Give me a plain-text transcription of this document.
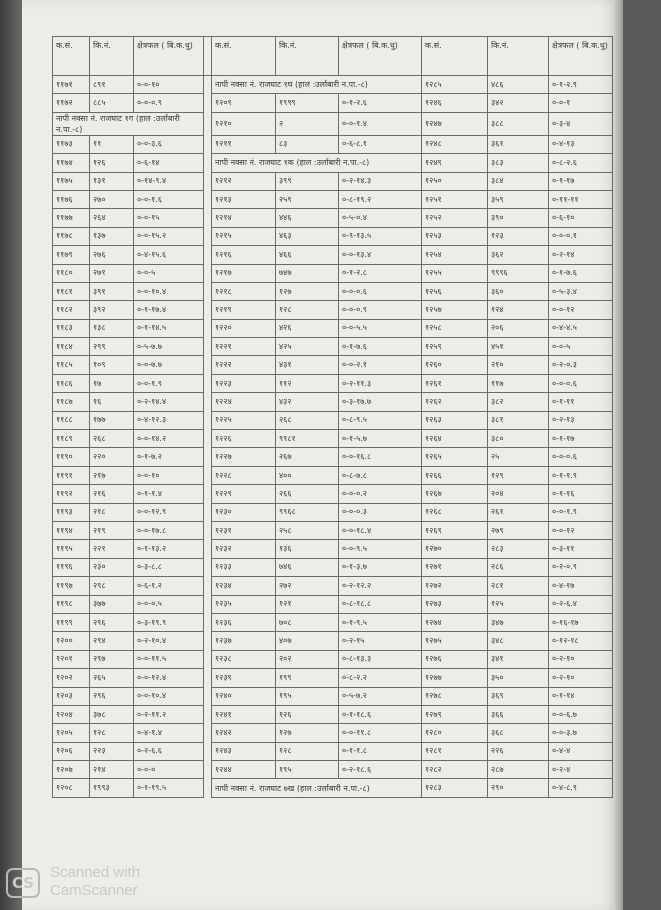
क.सं.	कि.नं.	क्षेत्रफल ( बि.क.धु)		क.सं.	कि.नं.	क्षेत्रफल ( बि.क.धु)	क.सं.	कि.नं.	क्षेत्रफल ( बि.क.धु)
११७१	८९१	०-०-१०		नापी नक्सा नं. राजघाट १घ (हाल :उर्लाबारी न.पा.-८)			१२८५	४८६	०-१-२.९
११७२	८८५	०-०-०.९		१२०९	१९९९	०-१-२.६	१२४६	३४२	०-०-१
नापी नक्सा नं. राजघाट १ग (हाल :उर्लाबारी न.पा.-८)				१२१०	२	०-०-१.४	१२४७	३८८	०-३-४
११७३	११	०-०-३.६		१२११	८३	०-६-८.१	१२४८	३६१	०-४-१३
११७४	१२६	०-६-१४		नापी नक्सा नं. राजघाट १क (हाल :उर्लाबारी न.पा.-८)			१२४९	३८३	०-८-२.६
११७५	१३१	०-१४-९.४		१२१२	३९९	०-२-१४.३	१२५०	३८४	०-१-१७
११७६	२७०	०-०-१.६		१२१३	२५९	०-८-१९.२	१२५१	३५९	०-११-११
११७७	२६४	०-०-१५		१२१४	४४६	०-५-०.४	१२५२	३९०	०-६-१०
११७८	१३७	०-०-१५.२		१२१५	४६३	०-९-१३.५	१२५३	१२३	०-०-०.१
११७९	२७६	०-४-१५.६		१२१६	४६६	०-०-१३.४	१२५४	३६२	०-२-१४
११८०	२७१	०-०-५		१२१७	७४७	०-१-२.८	१२५५	९९९६	०-१-७.६
११८१	३९१	०-०-१०.४		१२१८	१२७	०-०-०.६	१२५६	३६०	०-५-३.४
११८२	३९२	०-१-१७.४		१२१९	१२८	०-०-०.९	१२५७	१२४	०-०-१२
११८३	१३८	०-१-१४.५		१२२०	४२६	०-०-५.५	१२५८	२०६	०-४-४.५
११८४	२९९	०-५-७.७		१२२१	४२५	०-१-७.६	१२५९	४५१	०-०-५
११८५	१०९	०-०-७.७		१२२२	४३१	०-०-२.१	१२६०	२१०	०-२-०.३
११८६	१७	०-०-१.९		१२२३	११२	०-२-११.३	१२६१	११७	०-०-०.६
११८७	१६	०-२-१४.४		१२२४	४३२	०-३-१७.७	१२६२	३८२	०-१-११
११८८	१७७	०-४-१२.३		१२२५	२६८	०-८-९.५	१२६३	३८१	०-२-१३
११८९	२६८	०-०-१४.२		१२२६	९९८१	०-१-५.७	१२६४	३८०	०-१-१७
११९०	२२०	०-१-७.२		१२२७	२६७	०-०-१६.८	१२६५	२५	०-०-०.६
११९१	२१७	०-०-१०		१२२८	४००	०-८-७.८	१२६६	१२९	०-१-१.९
११९२	२१६	०-१-१.४		१२२९	२६६	०-०-०.२	१२६७	२०४	०-१-१६
११९३	२१८	०-०-१२.९		१२३०	९९६८	०-०-०.३	१२६८	२६१	०-०-१.९
११९४	२१९	०-०-१७.८		१२३१	२५८	०-०-१८.४	१२६९	२७९	०-०-१२
११९५	२२१	०-१-१३.२		१२३२	१३६	०-०-९.५	१२७०	२८३	०-३-११
११९६	२३०	०-३-८.८		१२३३	७४६	०-१-३.७	१२७१	२८६	०-२-०.९
११९७	२९८	०-६-१.२		१२३४	२७२	०-२-१२.२	१२७२	२८१	०-४-१७
११९८	३७७	०-०-०.५		१२३५	१२१	०-८-१८.८	१२७३	१२५	०-२-६.४
११९९	२९६	०-३-१९.९		१२३६	७०८	०-१-९.५	१२७४	३४७	०-१६-१७
१२००	२९४	०-२-१०.४		१२३७	४०७	०-२-१५	१२७५	३४८	०-१२-१८
१२०१	२९७	०-०-११.५		१२३८	२०२	०-८-१३.३	१२७६	३४१	०-२-१०
१२०२	२६५	०-०-१२.४		१२३९	१९९	०-८-२.२	१२७७	३५०	०-२-१०
१२०३	२९६	०-०-१०.४		१२४०	१९५	०-५-७.२	१२७८	३६९	०-१-१४
१२०४	३७८	०-२-११.२		१२४१	१२६	०-१-१८.६	१२७९	३६६	०-०-६.७
१२०५	१२८	०-४-१.४		१२४२	१२७	०-०-११.८	१२८०	३६८	०-०-३.७
१२०६	२२३	०-२-६.६		१२४३	१२८	०-१-१.८	१२८१	२२६	०-४-४
१२०७	२१४	०-०-०		१२४४	१९५	०-२-१८.६	१२८२	२८७	०-२-४
१२०८	१९९३	०-१-१९.५		नापी नक्सा नं. राजघाट ७ख (हाल :उर्लाबारी न.पा.-८)			१२८३	२९०	०-४-८.९
CS
Scanned with
CamScanner
